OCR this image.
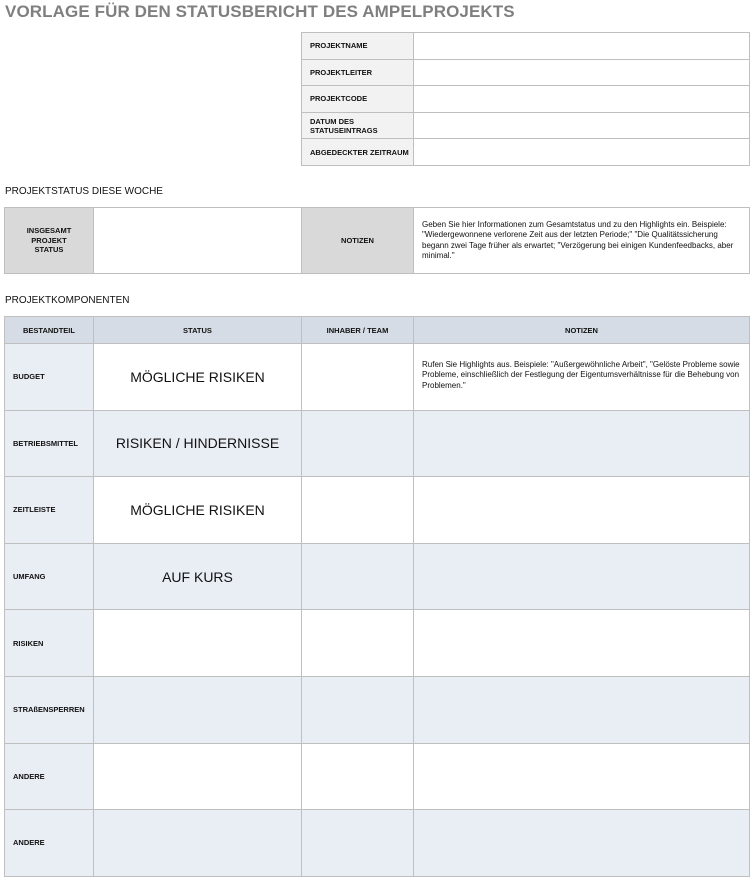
VORLAGE FÜR DEN STATUSBERICHT DES AMPELPROJEKTS
PROJEKTNAME	
PROJEKTLEITER	
PROJEKTCODE	
DATUM DES STATUSEINTRAGS	
ABGEDECKTER ZEITRAUM	
PROJEKTSTATUS DIESE WOCHE
INSGESAMT PROJEKT STATUS		NOTIZEN	Geben Sie hier Informationen zum Gesamtstatus und zu den Highlights ein. Beispiele: "Wiedergewonnene verlorene Zeit aus der letzten Periode;" "Die Qualitätssicherung begann zwei Tage früher als erwartet; "Verzögerung bei einigen Kundenfeedbacks, aber minimal."
PROJEKTKOMPONENTEN
BESTANDTEIL	STATUS	INHABER / TEAM	NOTIZEN
BUDGET	MÖGLICHE RISIKEN		Rufen Sie Highlights aus. Beispiele: "Außergewöhnliche Arbeit", "Gelöste Probleme sowie Probleme, einschließlich der Festlegung der Eigentumsverhältnisse für die Behebung von Problemen."
BETRIEBSMITTEL	RISIKEN / HINDERNISSE		
ZEITLEISTE	MÖGLICHE RISIKEN		
UMFANG	AUF KURS		
RISIKEN			
STRAßENSPERREN			
ANDERE			
ANDERE			
